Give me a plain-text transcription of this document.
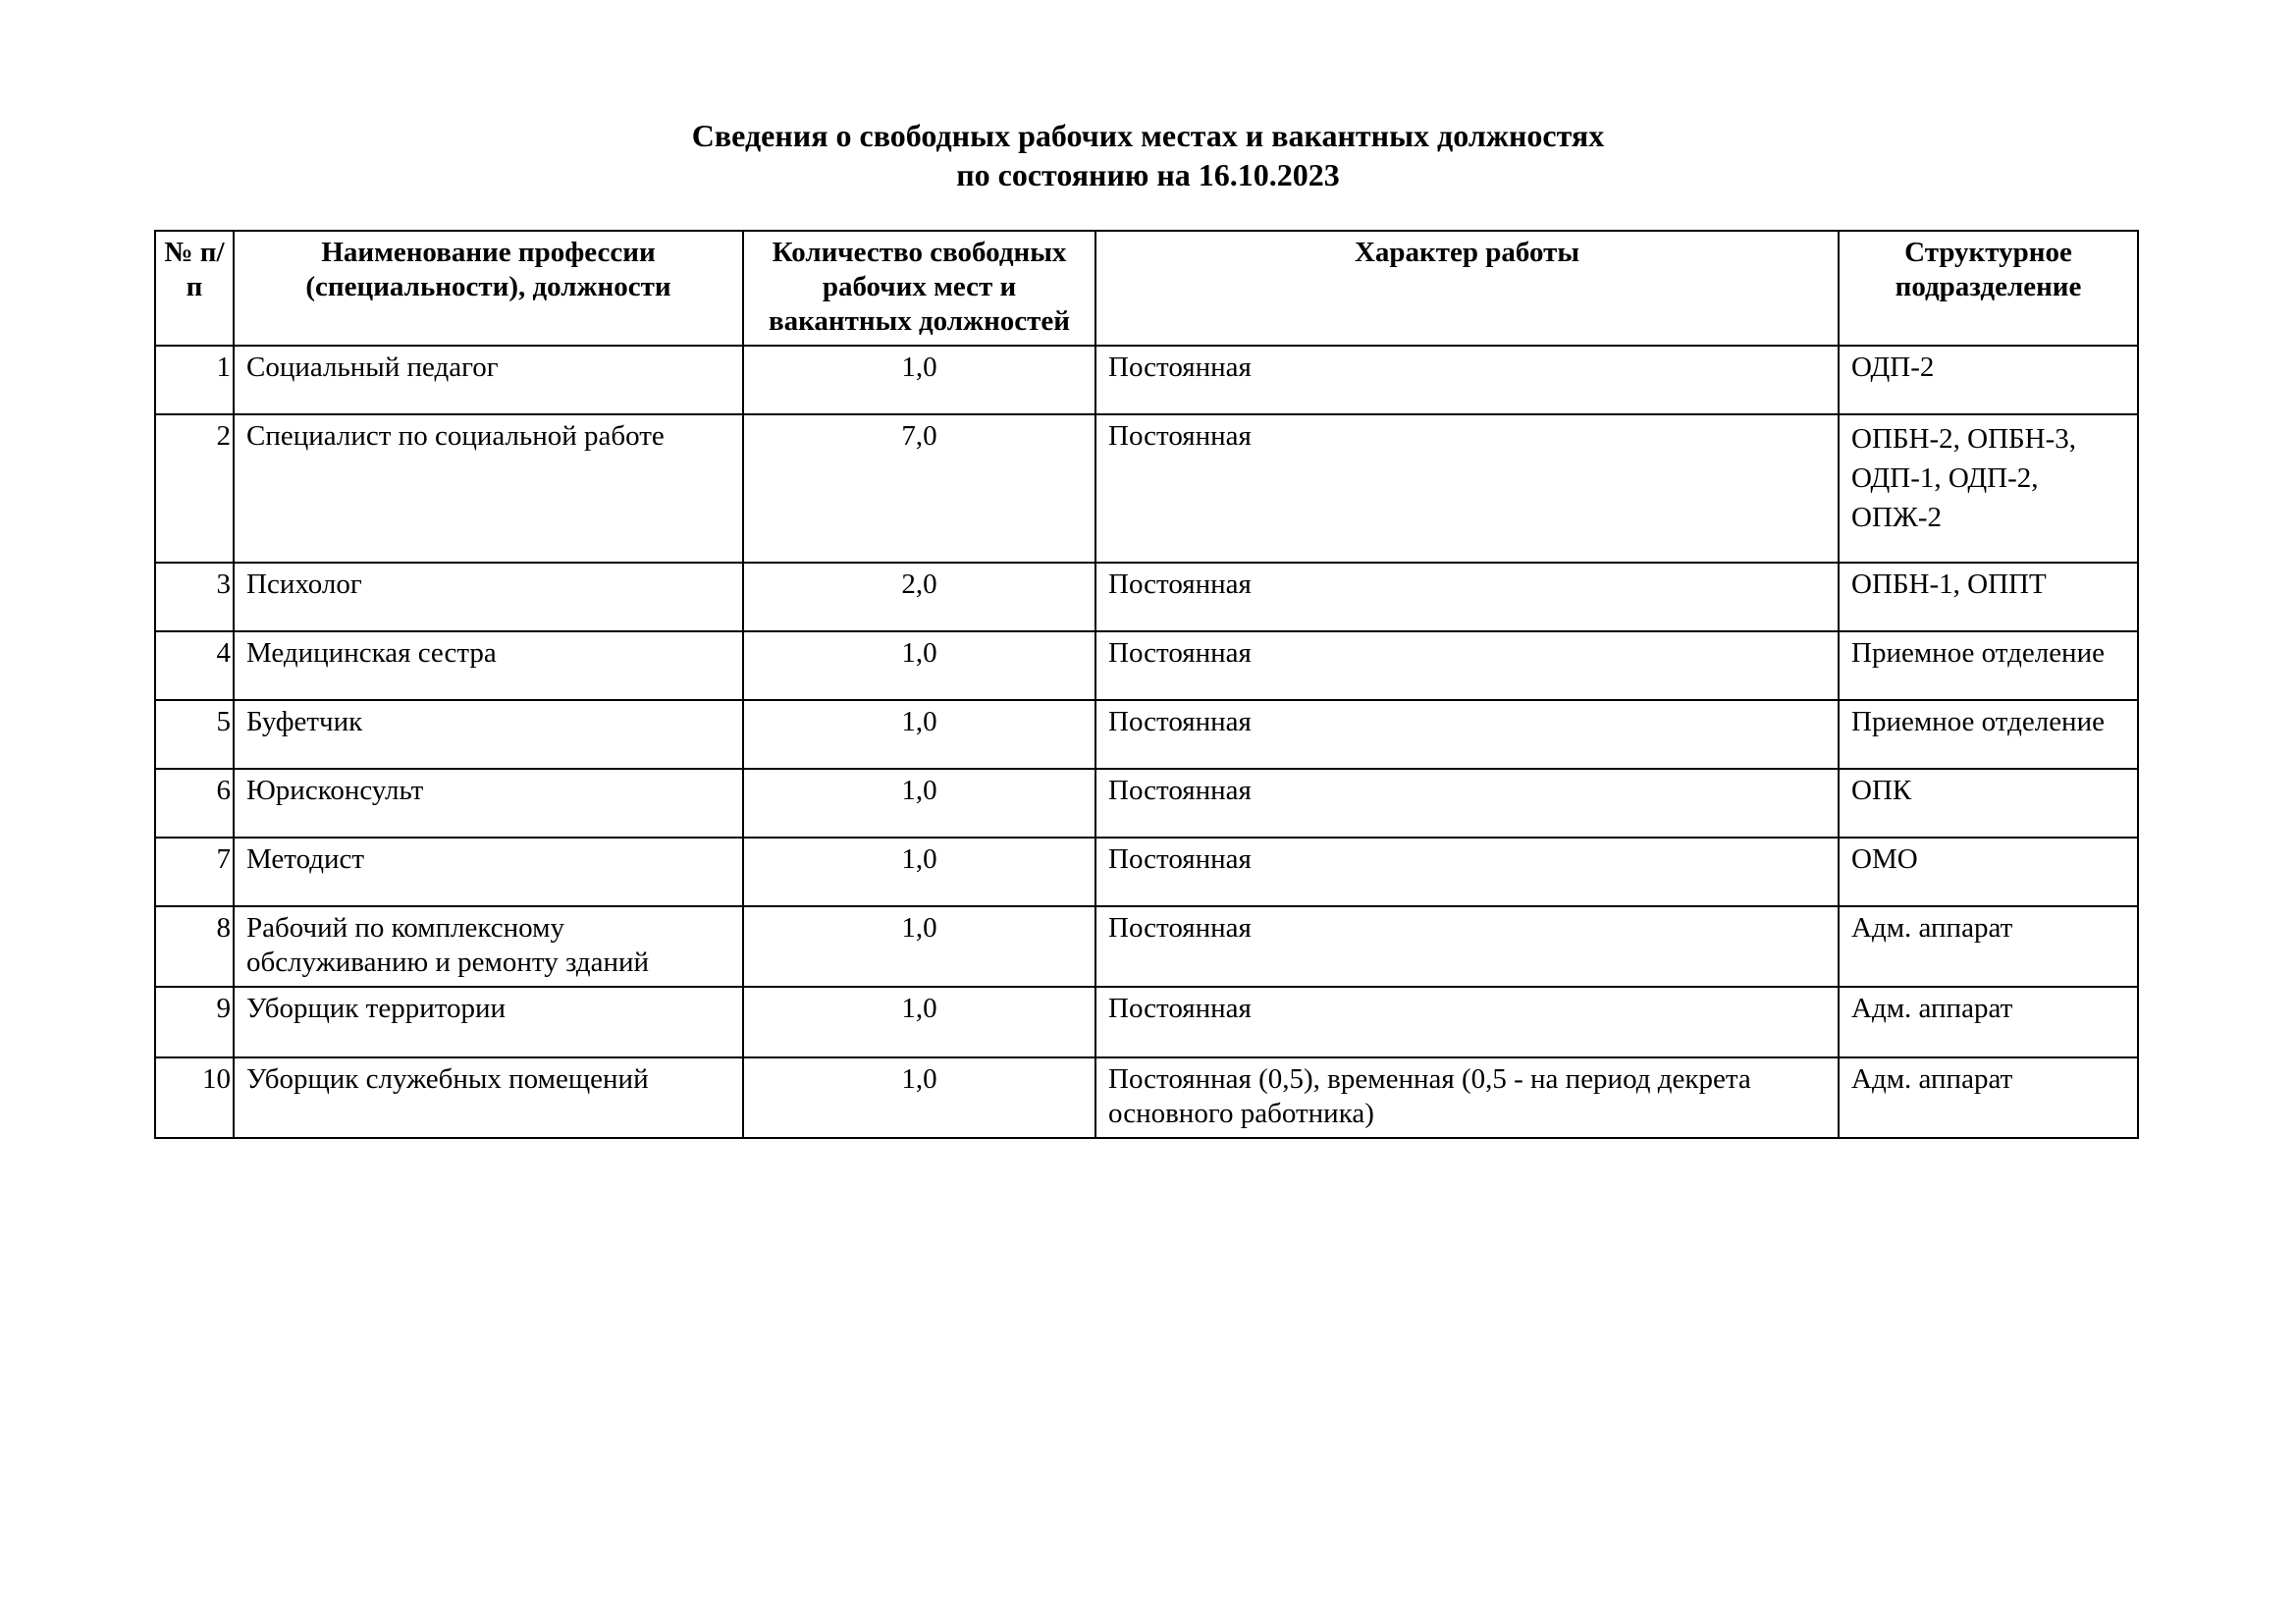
Сведения о свободных рабочих местах и вакантных должностях
по состоянию на 16.10.2023
№ п/п	Наименование профессии (специальности), должности	Количество свободных рабочих мест и вакантных должностей	Характер работы	Структурное подразделение
1	Социальный педагог	1,0	Постоянная	ОДП-2
2	Специалист по социальной работе	7,0	Постоянная	ОПБН-2, ОПБН-3, ОДП-1, ОДП-2, ОПЖ-2
3	Психолог	2,0	Постоянная	ОПБН-1, ОППТ
4	Медицинская сестра	1,0	Постоянная	Приемное отделение
5	Буфетчик	1,0	Постоянная	Приемное отделение
6	Юрисконсульт	1,0	Постоянная	ОПК
7	Методист	1,0	Постоянная	ОМО
8	Рабочий по комплексному обслуживанию и ремонту зданий	1,0	Постоянная	Адм. аппарат
9	Уборщик территории	1,0	Постоянная	Адм. аппарат
10	Уборщик служебных помещений	1,0	Постоянная (0,5), временная (0,5 - на период декрета основного работника)	Адм. аппарат
